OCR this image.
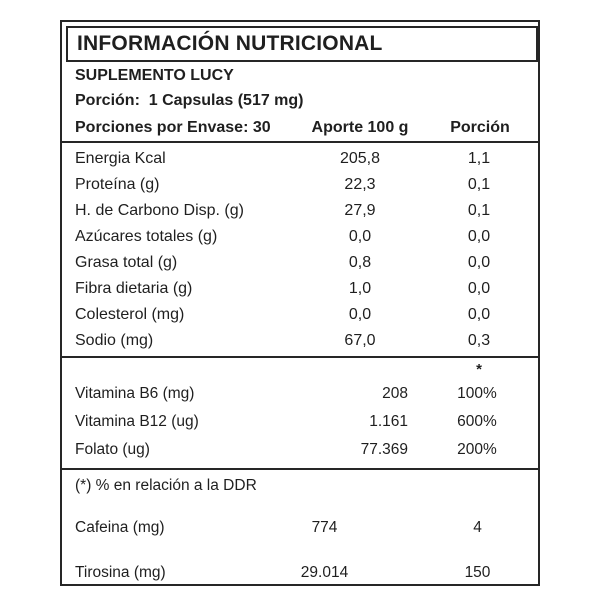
INFORMACIÓN NUTRICIONAL
SUPLEMENTO LUCY
Porción:  1 Capsulas (517 mg)
Porciones por Envase: 30	Aporte 100 g	Porción
Energia Kcal	205,8	1,1
Proteína (g)	22,3	0,1
H. de Carbono Disp. (g)	27,9	0,1
Azúcares totales (g)	0,0	0,0
Grasa total (g)	0,8	0,0
Fibra dietaria (g)	1,0	0,0
Colesterol (mg)	0,0	0,0
Sodio (mg)	67,0	0,3
*
Vitamina B6 (mg)	208	100%
Vitamina B12 (ug)	1.161	600%
Folato (ug)	77.369	200%
(*) % en relación a la DDR
Cafeina (mg)	774	4
Tirosina (mg)	29.014	150
